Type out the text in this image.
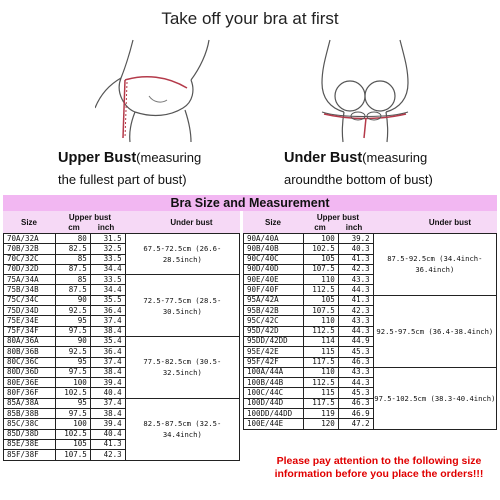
Take off your bra at first
Upper Bust(measuring
the fullest part of bust)
Under Bust(measuring
aroundthe bottom of bust)
Bra Size and Measurement
Size
Upper bust
cm	inch
Under bust	Size
Upper bust
cm	inch
Under bust
70A/32A	80	31.5	67.5-72.5cm (26.6-28.5inch)
70B/32B	82.5	32.5	
70C/32C	85	33.5	
70D/32D	87.5	34.4	
75A/34A	85	33.5	72.5-77.5cm (28.5-30.5inch)
75B/34B	87.5	34.4	
75C/34C	90	35.5	
75D/34D	92.5	36.4	
75E/34E	95	37.4	
75F/34F	97.5	38.4	
80A/36A	90	35.4	77.5-82.5cm (30.5-32.5inch)
80B/36B	92.5	36.4	
80C/36C	95	37.4	
80D/36D	97.5	38.4	
80E/36E	100	39.4	
80F/36F	102.5	40.4	
85A/38A	95	37.4	82.5-87.5cm (32.5-34.4inch)
85B/38B	97.5	38.4	
85C/38C	100	39.4	
85D/38D	102.5	40.4	
85E/38E	105	41.3	
85F/38F	107.5	42.3	
90A/40A	100	39.2	87.5-92.5cm (34.4inch-36.4inch)
90B/40B	102.5	40.3	
90C/40C	105	41.3	
90D/40D	107.5	42.3	
90E/40E	110	43.3	
90F/40F	112.5	44.3	
95A/42A	105	41.3	92.5-97.5cm (36.4-38.4inch)
95B/42B	107.5	42.3	
95C/42C	110	43.3	
95D/42D	112.5	44.3	
95DD/42DD	114	44.9	
95E/42E	115	45.3	
95F/42F	117.5	46.3	
100A/44A	110	43.3	97.5-102.5cm (38.3-40.4inch)
100B/44B	112.5	44.3	
100C/44C	115	45.3	
100D/44D	117.5	46.3	
100DD/44DD	119	46.9	
100E/44E	120	47.2	
Please pay attention to the following size information before you place the orders!!!
